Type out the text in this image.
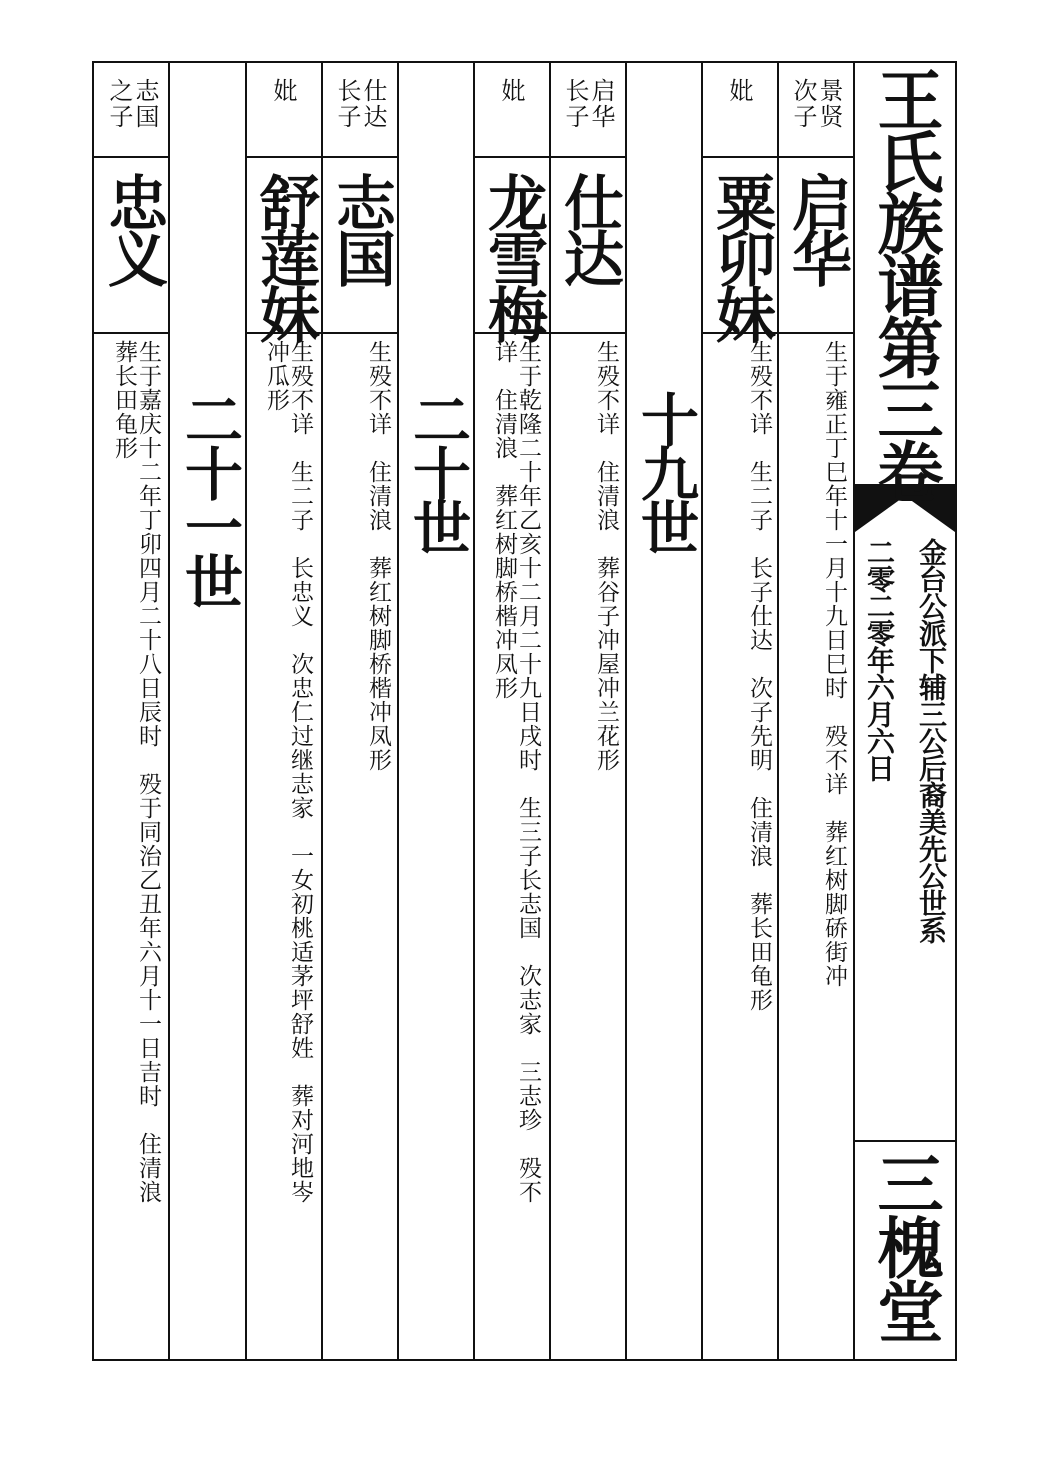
王氏族谱第三卷
金台公派下辅三公后裔美先公世系
二零二零年六月六日
三槐堂
景贤
次子
启华
生于雍正丁巳年十一月十九日巳时　殁不详　葬红树脚硚街冲
妣
粟卯妹
生殁不详　生二子　长子仕达　次子先明　住清浪　葬长田龟形
十九世
启华
长子
仕达
生殁不详　住清浪　葬谷子冲屋冲兰花形
妣
龙雪梅
生于乾隆二十年乙亥十二月二十九日戌时　生三子长志国　次志家　三志珍　殁不
详　住清浪　葬红树脚桥楷冲凤形
二十世
仕达
长子
志国
生殁不详　住清浪　葬红树脚桥楷冲凤形
妣
舒莲妹
生殁不详　生二子　长忠义　次忠仁过继志家　一女初桃适茅坪舒姓　葬对河地岑
冲瓜形
二十一世
志国
之子
忠义
生于嘉庆十二年丁卯四月二十八日辰时　殁于同治乙丑年六月十一日吉时　住清浪
葬长田龟形
